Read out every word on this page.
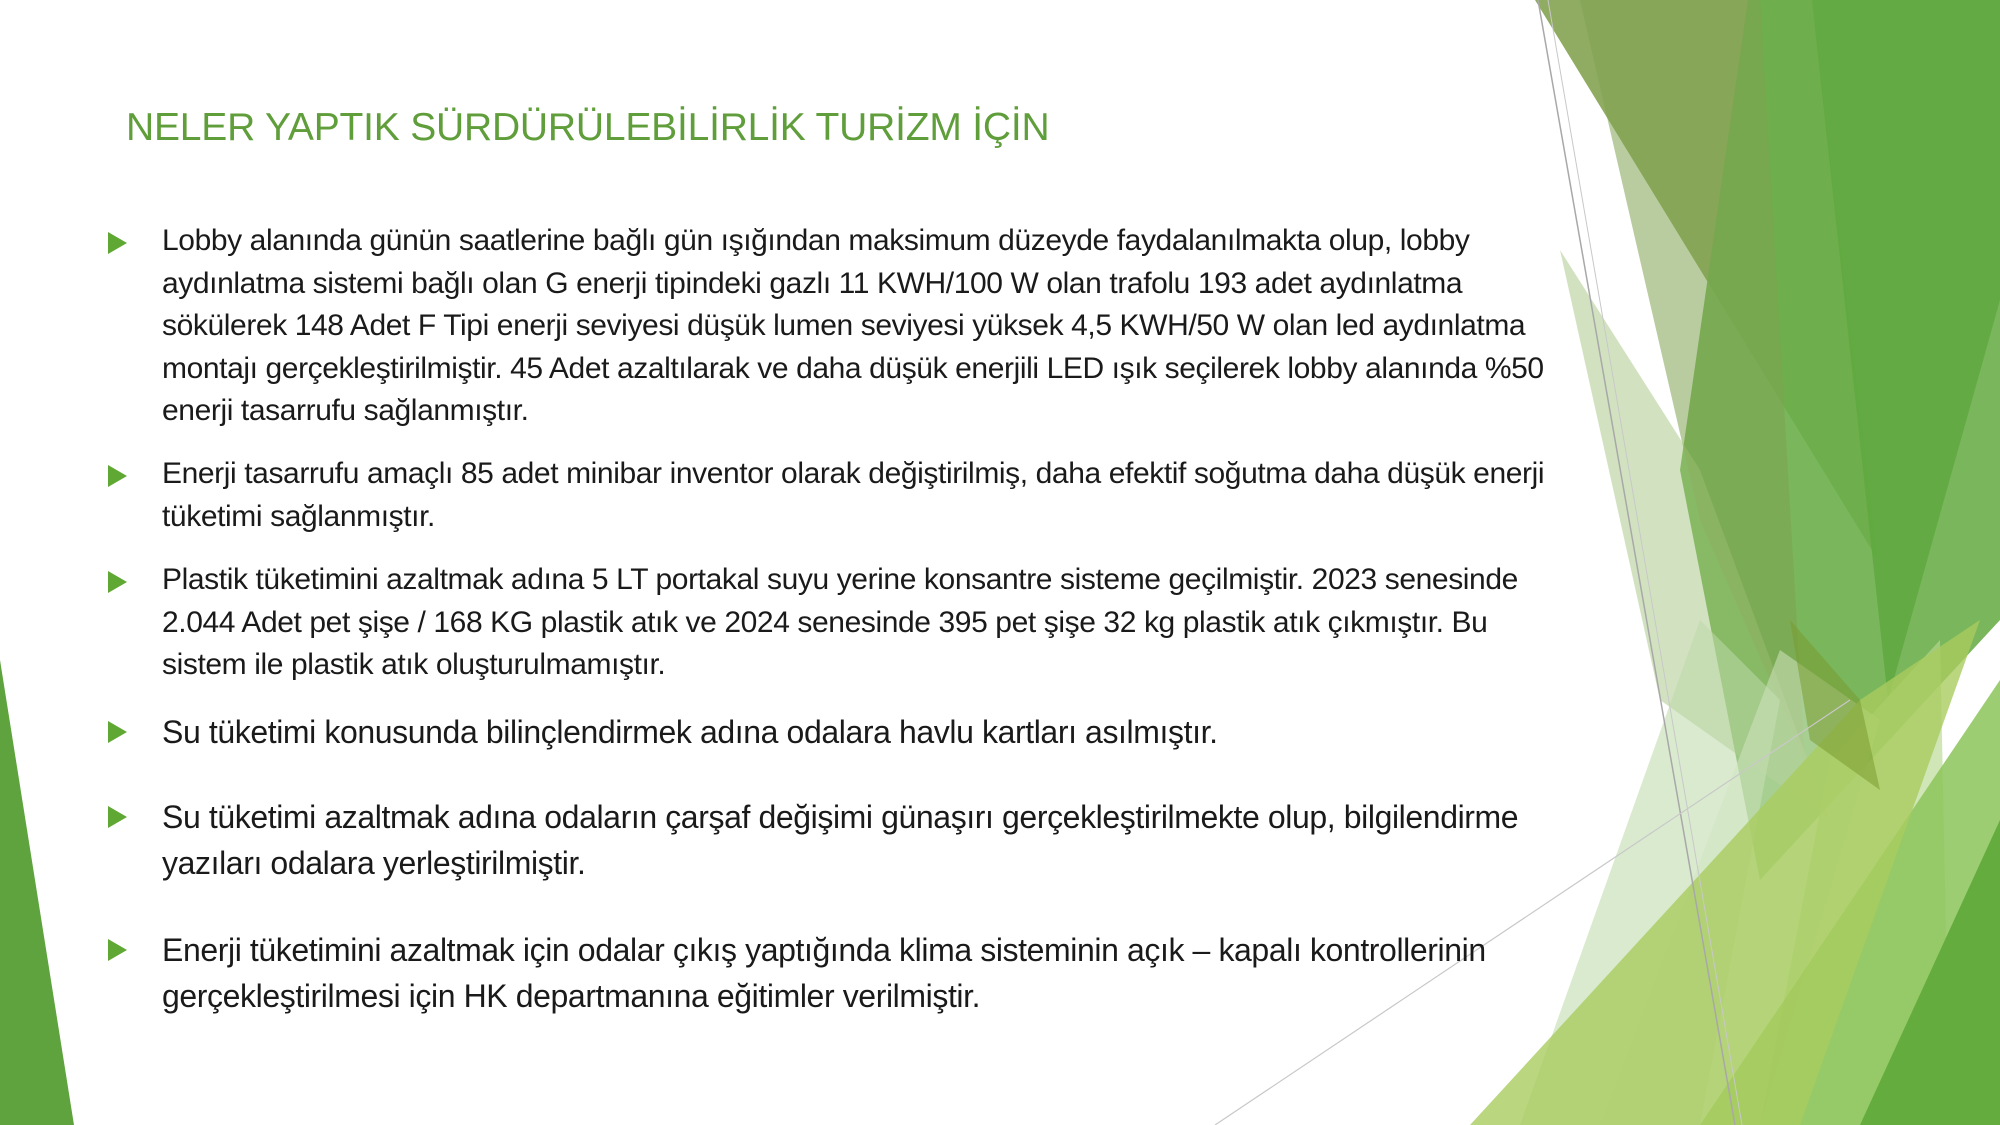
NELER YAPTIK SÜRDÜRÜLEBİLİRLİK TURİZM İÇİN
Lobby alanında günün saatlerine bağlı gün ışığından maksimum düzeyde faydalanılmakta olup, lobby aydınlatma sistemi bağlı olan G enerji tipindeki gazlı 11 KWH/100 W olan trafolu 193 adet aydınlatma sökülerek 148 Adet F Tipi enerji seviyesi düşük lumen seviyesi yüksek 4,5 KWH/50 W olan led aydınlatma montajı gerçekleştirilmiştir. 45 Adet azaltılarak ve daha düşük enerjili LED ışık seçilerek lobby alanında %50 enerji tasarrufu sağlanmıştır.
Enerji tasarrufu amaçlı 85 adet minibar inventor olarak değiştirilmiş, daha efektif soğutma daha düşük enerji tüketimi sağlanmıştır.
Plastik tüketimini azaltmak adına 5 LT portakal suyu yerine konsantre sisteme geçilmiştir. 2023 senesinde 2.044 Adet pet şişe / 168 KG plastik atık ve 2024 senesinde 395 pet şişe 32 kg plastik atık çıkmıştır. Bu sistem ile plastik atık oluşturulmamıştır.
Su tüketimi konusunda bilinçlendirmek adına odalara havlu kartları asılmıştır.
Su tüketimi azaltmak adına odaların çarşaf değişimi günaşırı gerçekleştirilmekte olup, bilgilendirme yazıları odalara yerleştirilmiştir.
Enerji tüketimini azaltmak için odalar çıkış yaptığında klima sisteminin açık – kapalı kontrollerinin gerçekleştirilmesi için HK departmanına eğitimler verilmiştir.
